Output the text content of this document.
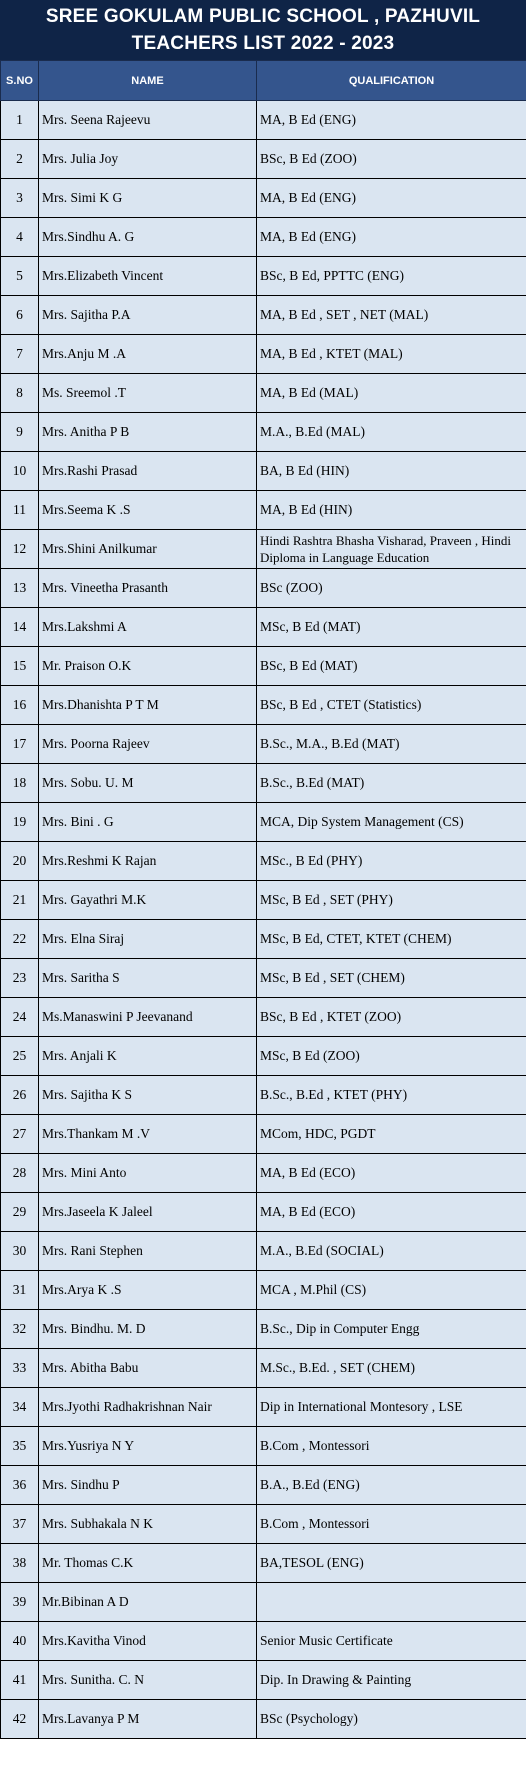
SREE GOKULAM PUBLIC SCHOOL , PAZHUVIL
TEACHERS LIST 2022 - 2023
S.NO	NAME	QUALIFICATION
1	Mrs. Seena Rajeevu	MA, B Ed (ENG)
2	Mrs. Julia Joy	BSc, B Ed (ZOO)
3	Mrs. Simi K G	MA, B Ed (ENG)
4	Mrs.Sindhu A. G	MA, B Ed (ENG)
5	Mrs.Elizabeth Vincent	BSc, B Ed, PPTTC (ENG)
6	Mrs. Sajitha P.A	MA, B Ed , SET , NET (MAL)
7	Mrs.Anju M .A	MA, B Ed , KTET (MAL)
8	Ms. Sreemol .T	MA, B Ed (MAL)
9	Mrs. Anitha P B	M.A., B.Ed (MAL)
10	Mrs.Rashi Prasad	BA, B Ed (HIN)
11	Mrs.Seema K .S	MA, B Ed (HIN)
12	Mrs.Shini Anilkumar	Hindi Rashtra Bhasha Visharad, Praveen , Hindi Diploma in Language Education
13	Mrs. Vineetha Prasanth	BSc (ZOO)
14	Mrs.Lakshmi A	MSc, B Ed (MAT)
15	Mr. Praison O.K	BSc, B Ed (MAT)
16	Mrs.Dhanishta P T M	BSc, B Ed , CTET (Statistics)
17	Mrs. Poorna Rajeev	B.Sc., M.A., B.Ed (MAT)
18	Mrs. Sobu. U. M	B.Sc., B.Ed (MAT)
19	Mrs. Bini . G	MCA, Dip System Management (CS)
20	Mrs.Reshmi K Rajan	MSc., B Ed (PHY)
21	Mrs. Gayathri M.K	MSc, B Ed , SET (PHY)
22	Mrs. Elna Siraj	MSc, B Ed, CTET, KTET (CHEM)
23	Mrs. Saritha S	MSc, B Ed , SET (CHEM)
24	Ms.Manaswini P Jeevanand	BSc, B Ed , KTET (ZOO)
25	Mrs. Anjali K	MSc, B Ed (ZOO)
26	Mrs. Sajitha K S	B.Sc., B.Ed , KTET (PHY)
27	Mrs.Thankam M .V	MCom, HDC, PGDT
28	Mrs. Mini Anto	MA, B Ed (ECO)
29	Mrs.Jaseela K Jaleel	MA, B Ed (ECO)
30	Mrs. Rani Stephen	M.A., B.Ed (SOCIAL)
31	Mrs.Arya K .S	MCA , M.Phil (CS)
32	Mrs. Bindhu. M. D	B.Sc., Dip in Computer Engg
33	Mrs. Abitha Babu	M.Sc., B.Ed. , SET (CHEM)
34	Mrs.Jyothi Radhakrishnan Nair	Dip in International Montesory , LSE
35	Mrs.Yusriya N Y	B.Com , Montessori
36	Mrs. Sindhu P	B.A., B.Ed (ENG)
37	Mrs. Subhakala N K	B.Com , Montessori
38	Mr. Thomas C.K	BA,TESOL (ENG)
39	Mr.Bibinan A D	
40	Mrs.Kavitha Vinod	Senior Music Certificate
41	Mrs. Sunitha. C. N	Dip. In Drawing & Painting
42	Mrs.Lavanya P M	BSc (Psychology)
